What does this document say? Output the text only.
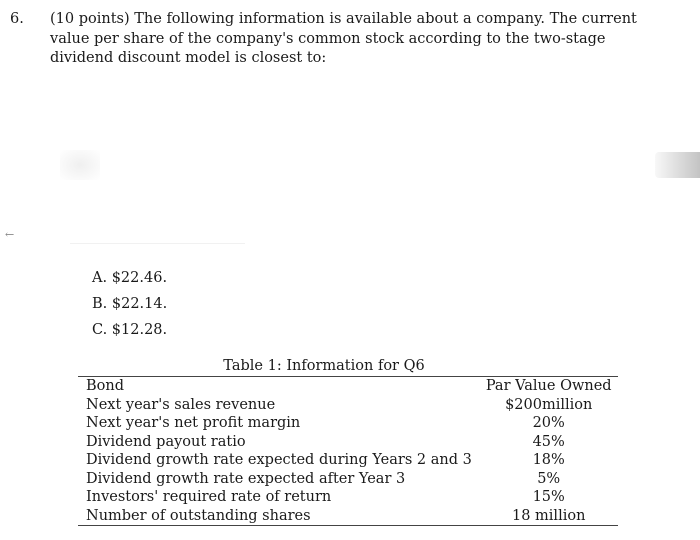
6. (10 points) The following information is available about a company. The current value per share of the company's common stock according to the two-stage dividend discount model is closest to:
←
A. $22.46.
B. $22.14.
C. $12.28.
Table 1: Information for Q6
Bond	Par Value Owned
Next year's sales revenue	$200million
Next year's net profit margin	20%
Dividend payout ratio	45%
Dividend growth rate expected during Years 2 and 3	18%
Dividend growth rate expected after Year 3	5%
Investors' required rate of return	15%
Number of outstanding shares	18 million
